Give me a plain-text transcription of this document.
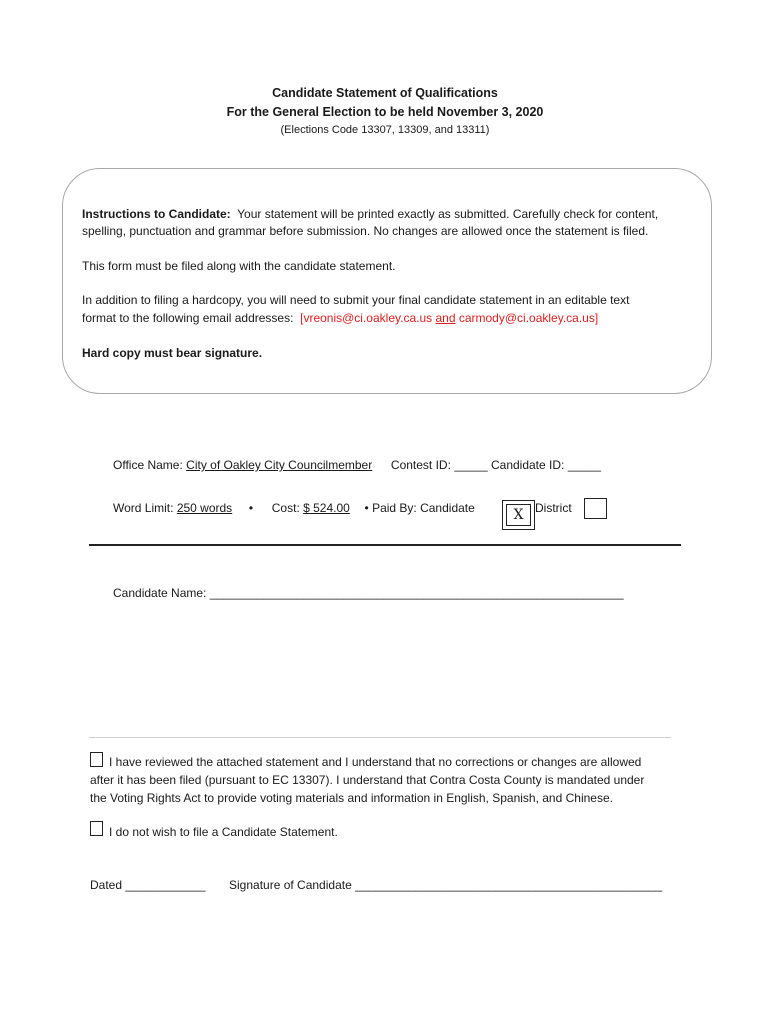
Candidate Statement of Qualifications
For the General Election to be held November 3, 2020
(Elections Code 13307, 13309, and 13311)
Instructions to Candidate: Your statement will be printed exactly as submitted. Carefully check for content,
spelling, punctuation and grammar before submission. No changes are allowed once the statement is filed.
This form must be filed along with the candidate statement.
In addition to filing a hardcopy, you will need to submit your final candidate statement in an editable text
format to the following email addresses: [vreonis@ci.oakley.ca.us and carmody@ci.oakley.ca.us]
Hard copy must bear signature.
Office Name: City of Oakley City Councilmember Contest ID: _____ Candidate ID: _____
Word Limit: 250 words • Cost: $ 524.00 • Paid By: Candidate	X District
Candidate Name: ______________________________________________________________
I have reviewed the attached statement and I understand that no corrections or changes are allowed
after it has been filed (pursuant to EC 13307). I understand that Contra Costa County is mandated under
the Voting Rights Act to provide voting materials and information in English, Spanish, and Chinese.
I do not wish to file a Candidate Statement.
Dated ____________ Signature of Candidate ______________________________________________
